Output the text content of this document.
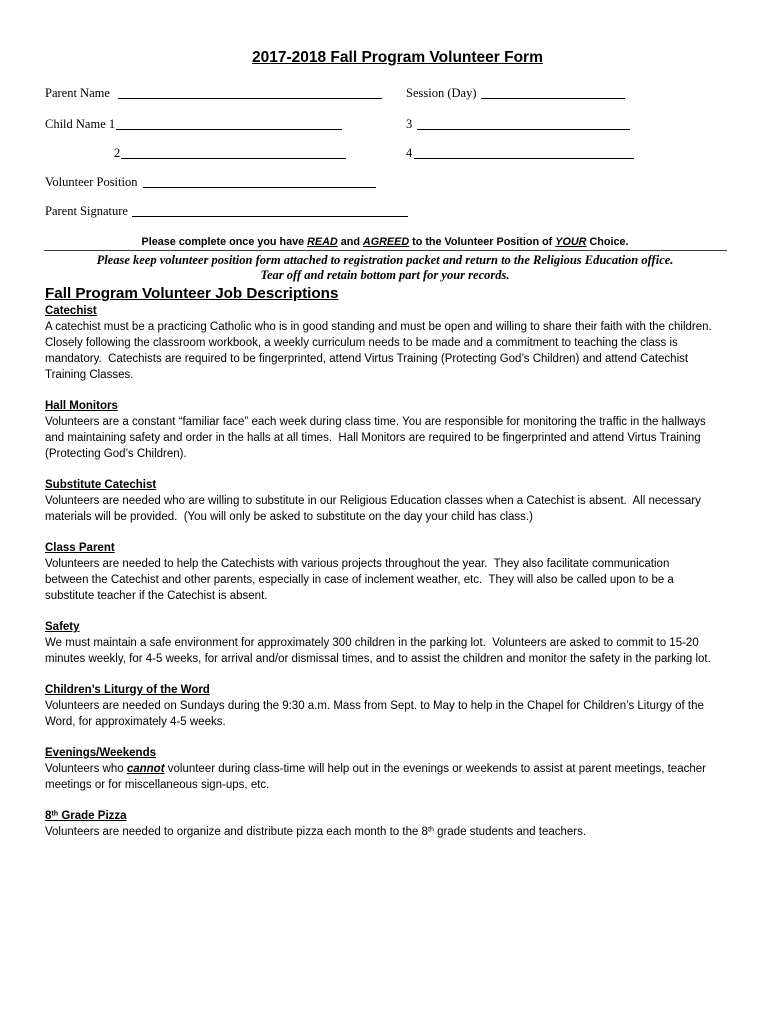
2017-2018 Fall Program Volunteer Form
Parent Name	Session (Day)
Child Name 1	3
2	4
Volunteer Position
Parent Signature
Please complete once you have READ and AGREED to the Volunteer Position of YOUR Choice.
Please keep volunteer position form attached to registration packet and return to the Religious Education office.
Tear off and retain bottom part for your records.
Fall Program Volunteer Job Descriptions
Catechist
A catechist must be a practicing Catholic who is in good standing and must be open and willing to share their faith with the children.
Closely following the classroom workbook, a weekly curriculum needs to be made and a commitment to teaching the class is
mandatory.  Catechists are required to be fingerprinted, attend Virtus Training (Protecting God’s Children) and attend Catechist
Training Classes.
Hall Monitors
Volunteers are a constant “familiar face” each week during class time. You are responsible for monitoring the traffic in the hallways
and maintaining safety and order in the halls at all times.  Hall Monitors are required to be fingerprinted and attend Virtus Training
(Protecting God’s Children).
Substitute Catechist
Volunteers are needed who are willing to substitute in our Religious Education classes when a Catechist is absent.  All necessary
materials will be provided.  (You will only be asked to substitute on the day your child has class.)
Class Parent
Volunteers are needed to help the Catechists with various projects throughout the year.  They also facilitate communication
between the Catechist and other parents, especially in case of inclement weather, etc.  They will also be called upon to be a
substitute teacher if the Catechist is absent.
Safety
We must maintain a safe environment for approximately 300 children in the parking lot.  Volunteers are asked to commit to 15-20
minutes weekly, for 4-5 weeks, for arrival and/or dismissal times, and to assist the children and monitor the safety in the parking lot.
Children’s Liturgy of the Word
Volunteers are needed on Sundays during the 9:30 a.m. Mass from Sept. to May to help in the Chapel for Children’s Liturgy of the
Word, for approximately 4-5 weeks.
Evenings/Weekends
Volunteers who cannot volunteer during class-time will help out in the evenings or weekends to assist at parent meetings, teacher
meetings or for miscellaneous sign-ups, etc.
8th Grade Pizza
Volunteers are needed to organize and distribute pizza each month to the 8th grade students and teachers.
